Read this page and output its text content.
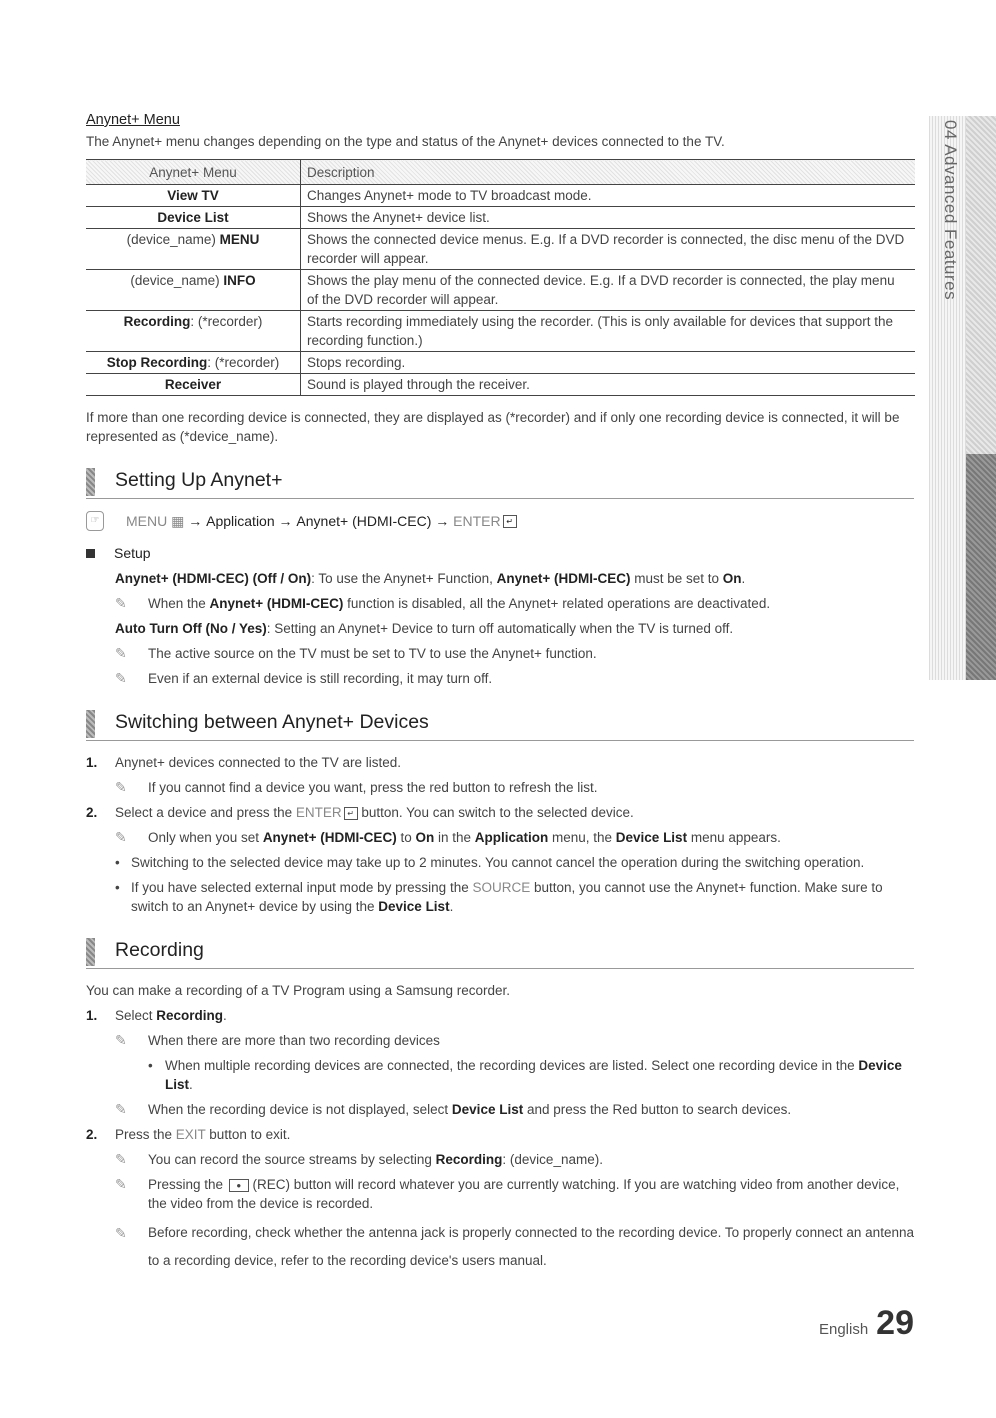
04 Advanced Features

Anynet+ Menu

The Anynet+ menu changes depending on the type and status of the Anynet+ devices connected to the TV.

Anynet+ Menu	Description
View TV	Changes Anynet+ mode to TV broadcast mode.
Device List	Shows the Anynet+ device list.
(device_name) MENU	Shows the connected device menus. E.g. If a DVD recorder is connected, the disc menu of the DVD recorder will appear.
(device_name) INFO	Shows the play menu of the connected device. E.g. If a DVD recorder is connected, the play menu of the DVD recorder will appear.
Recording: (*recorder)	Starts recording immediately using the recorder. (This is only available for devices that support the recording function.)
Stop Recording: (*recorder)	Stops recording.
Receiver	Sound is played through the receiver.

If more than one recording device is connected, they are displayed as (*recorder) and if only one recording device is connected, it will be represented as (*device_name).

Setting Up Anynet+
☞	MENU ▦ →
Application
→
Anynet+ (HDMI-CEC)
→
ENTER ↵
Setup

Anynet+ (HDMI-CEC) (Off / On): To use the Anynet+ Function, Anynet+ (HDMI-CEC) must be set to On.

✎	When the Anynet+ (HDMI-CEC) function is disabled, all the Anynet+ related operations are deactivated.

Auto Turn Off (No / Yes): Setting an Anynet+ Device to turn off automatically when the TV is turned off.

✎	The active source on the TV must be set to TV to use the Anynet+ function.
✎	Even if an external device is still recording, it may turn off.
Switching between Anynet+ Devices
1.	Anynet+ devices connected to the TV are listed.
✎	If you cannot find a device you want, press the red button to refresh the list.
2.	Select a device and press the ENTER ↵ button. You can switch to the selected device.
✎	Only when you set Anynet+ (HDMI-CEC) to On in the Application menu, the Device List menu appears.
• Switching to the selected device may take up to 2 minutes. You cannot cancel the operation during the switching operation.
• If you have selected external input mode by pressing the SOURCE button, you cannot use the Anynet+ function. Make sure to switch to an Anynet+ device by using the Device List.
Recording

You can make a recording of a TV Program using a Samsung recorder.

1.	Select Recording.
✎	When there are more than two recording devices
• When multiple recording devices are connected, the recording devices are listed. Select one recording device in the Device List.
✎	When the recording device is not displayed, select Device List and press the Red button to search devices.
2.	Press the EXIT button to exit.
✎	You can record the source streams by selecting Recording: (device_name).
✎	Pressing the ● (REC) button will record whatever you are currently watching. If you are watching video from another device, the video from the device is recorded.
✎	Before recording, check whether the antenna jack is properly connected to the recording device. To properly connect an antenna to a recording device, refer to the recording device's users manual.
English 29
